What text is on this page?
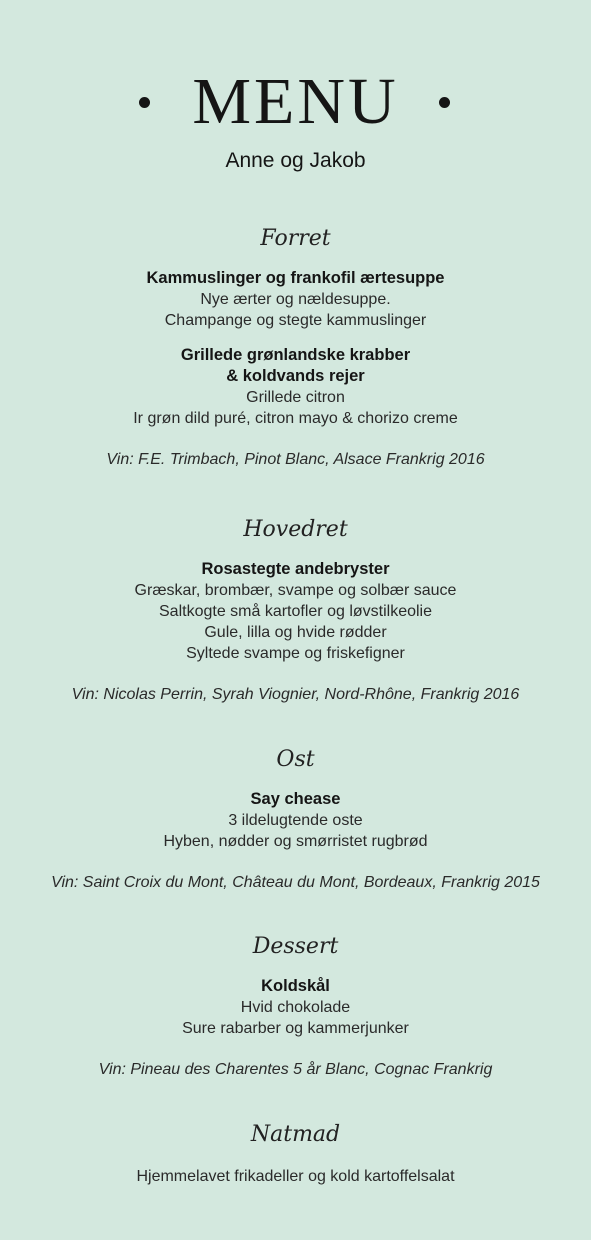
MENU
Anne og Jakob
Forret
Kammuslinger og frankofil ærtesuppe
Nye ærter og nældesuppe.
Champange og stegte kammuslinger
Grillede grønlandske krabber
& koldvands rejer
Grillede citron
Ir grøn dild puré, citron mayo & chorizo creme
Vin: F.E. Trimbach, Pinot Blanc, Alsace Frankrig 2016
Hovedret
Rosastegte andebryster
Græskar, brombær, svampe og solbær sauce
Saltkogte små kartofler og løvstilkeolie
Gule, lilla og hvide rødder
Syltede svampe og friskefigner
Vin: Nicolas Perrin, Syrah Viognier, Nord-Rhône, Frankrig 2016
Ost
Say chease
3 ildelugtende oste
Hyben, nødder og smørristet rugbrød
Vin: Saint Croix du Mont, Château du Mont, Bordeaux, Frankrig 2015
Dessert
Koldskål
Hvid chokolade
Sure rabarber og kammerjunker
Vin: Pineau des Charentes 5 år Blanc, Cognac Frankrig
Natmad
Hjemmelavet frikadeller og kold kartoffelsalat
